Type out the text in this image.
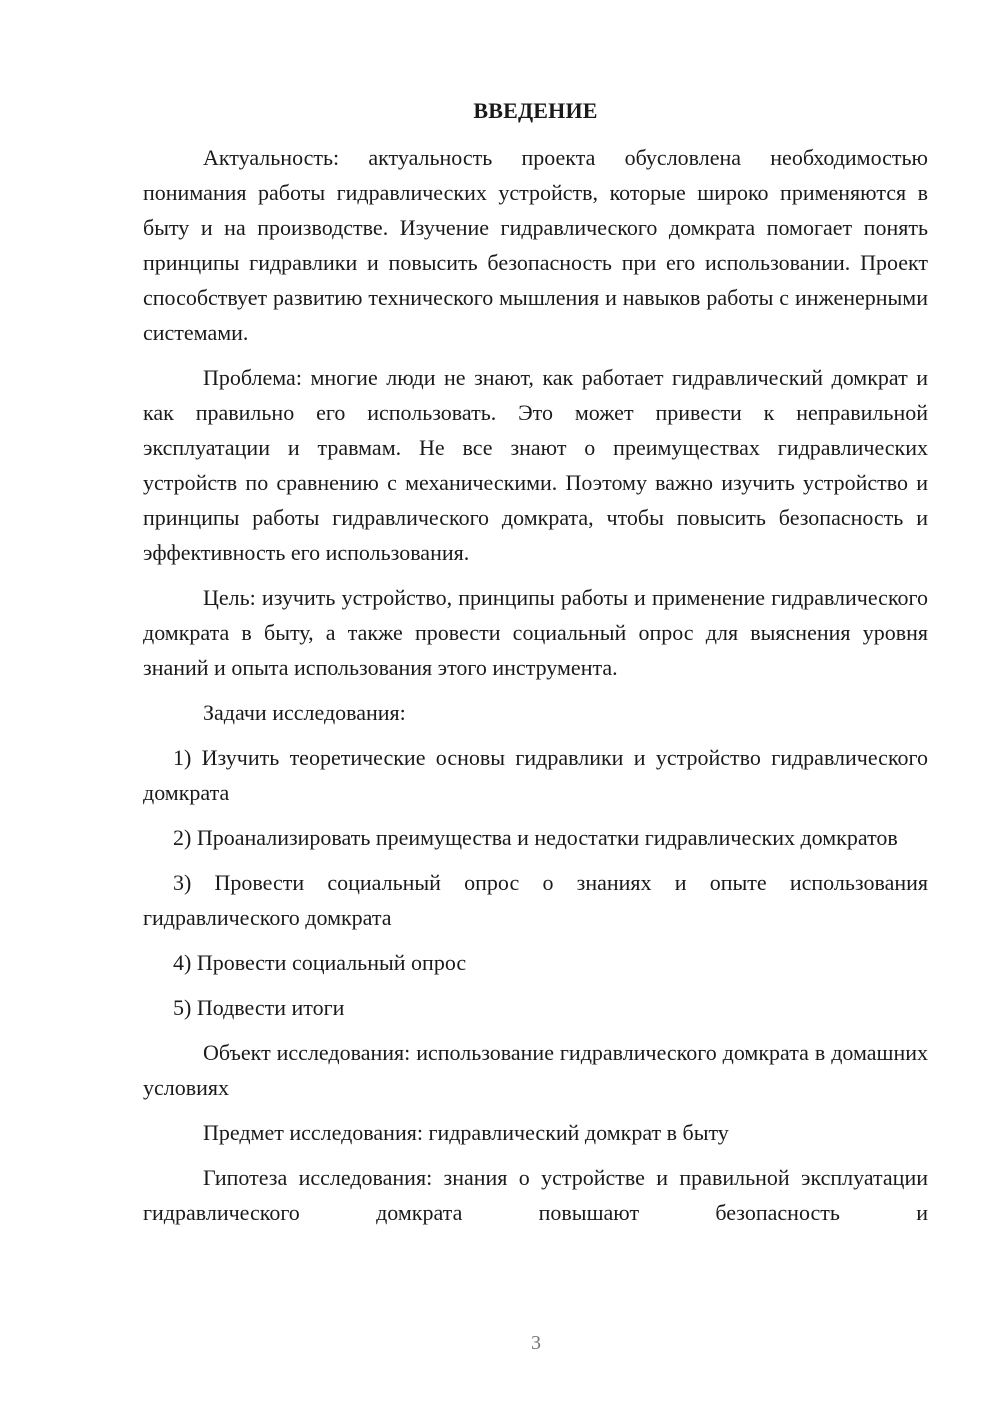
ВВЕДЕНИЕ

Актуальность: актуальность проекта обусловлена необходимостью понимания работы гидравлических устройств, которые широко применяются в быту и на производстве. Изучение гидравлического домкрата помогает понять принципы гидравлики и повысить безопасность при его использовании. Проект способствует развитию технического мышления и навыков работы с инженерными системами.

Проблема: многие люди не знают, как работает гидравлический домкрат и как правильно его использовать. Это может привести к неправильной эксплуатации и травмам. Не все знают о преимуществах гидравлических устройств по сравнению с механическими. Поэтому важно изучить устройство и принципы работы гидравлического домкрата, чтобы повысить безопасность и эффективность его использования.

Цель: изучить устройство, принципы работы и применение гидравлического домкрата в быту, а также провести социальный опрос для выяснения уровня знаний и опыта использования этого инструмента.

Задачи исследования:

1) Изучить теоретические основы гидравлики и устройство гидравлического домкрата

2) Проанализировать преимущества и недостатки гидравлических домкратов

3) Провести социальный опрос о знаниях и опыте использования гидравлического домкрата

4) Провести социальный опрос

5) Подвести итоги

Объект исследования: использование гидравлического домкрата в домашних условиях

Предмет исследования: гидравлический домкрат в быту

Гипотеза исследования: знания о устройстве и правильной эксплуатации гидравлического домкрата повышают безопасность и

3
